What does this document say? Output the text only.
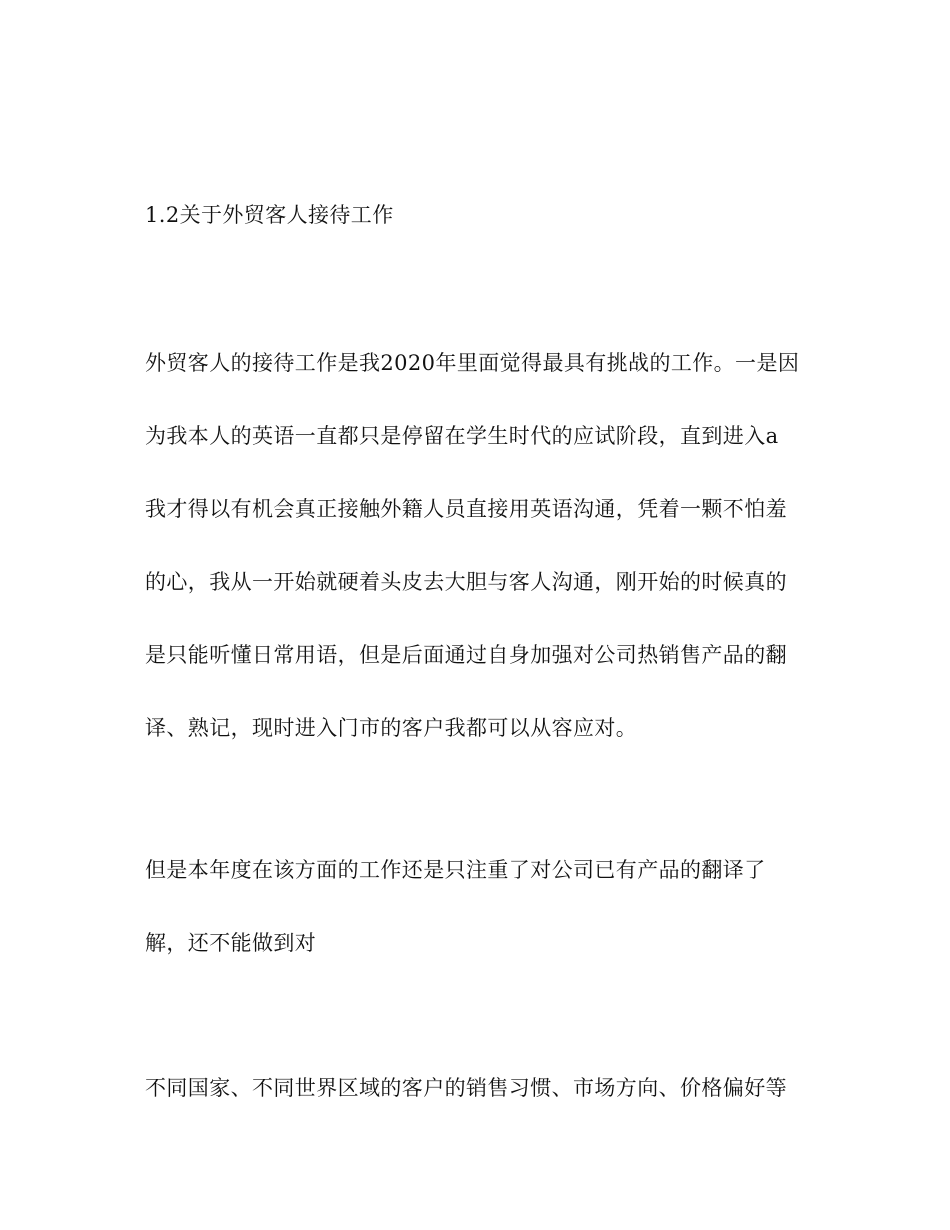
1.2关于外贸客人接待工作
外贸客人的接待工作是我2020年里面觉得最具有挑战的工作。一是因
为我本人的英语一直都只是停留在学生时代的应试阶段，直到进入a
我才得以有机会真正接触外籍人员直接用英语沟通，凭着一颗不怕羞
的心，我从一开始就硬着头皮去大胆与客人沟通，刚开始的时候真的
是只能听懂日常用语，但是后面通过自身加强对公司热销售产品的翻
译、熟记，现时进入门市的客户我都可以从容应对。
但是本年度在该方面的工作还是只注重了对公司已有产品的翻译了
解，还不能做到对
不同国家、不同世界区域的客户的销售习惯、市场方向、价格偏好等
